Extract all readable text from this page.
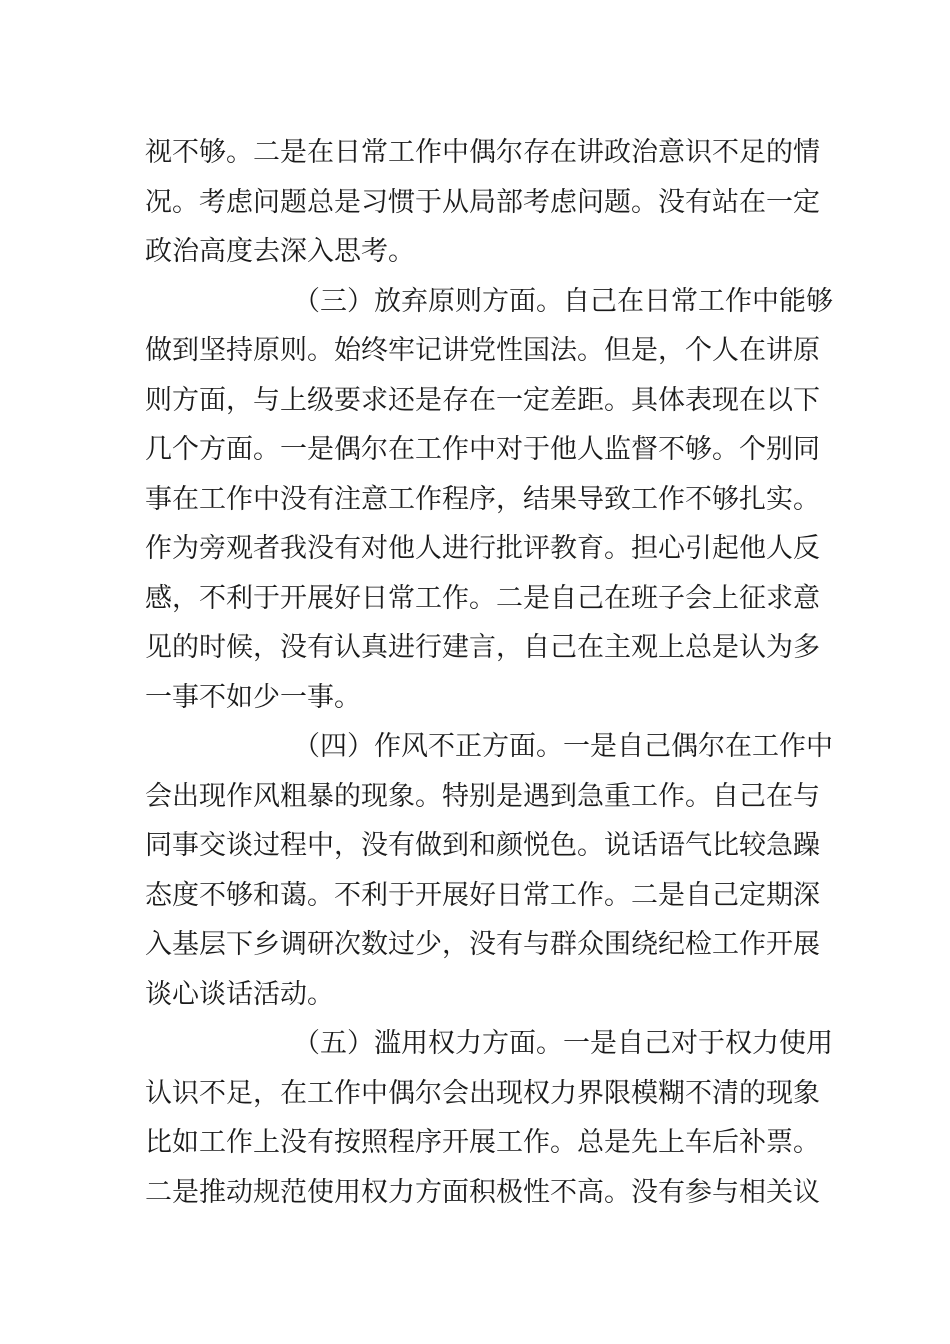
视不够。二是在日常工作中偶尔存在讲政治意识不足的情
况。考虑问题总是习惯于从局部考虑问题。没有站在一定
政治高度去深入思考。
（三）放弃原则方面。自己在日常工作中能够
做到坚持原则。始终牢记讲党性国法。但是，个人在讲原
则方面，与上级要求还是存在一定差距。具体表现在以下
几个方面。一是偶尔在工作中对于他人监督不够。个别同
事在工作中没有注意工作程序，结果导致工作不够扎实。
作为旁观者我没有对他人进行批评教育。担心引起他人反
感，不利于开展好日常工作。二是自己在班子会上征求意
见的时候，没有认真进行建言，自己在主观上总是认为多
一事不如少一事。
（四）作风不正方面。一是自己偶尔在工作中
会出现作风粗暴的现象。特别是遇到急重工作。自己在与
同事交谈过程中，没有做到和颜悦色。说话语气比较急躁
态度不够和蔼。不利于开展好日常工作。二是自己定期深
入基层下乡调研次数过少，没有与群众围绕纪检工作开展
谈心谈话活动。
（五）滥用权力方面。一是自己对于权力使用
认识不足，在工作中偶尔会出现权力界限模糊不清的现象
比如工作上没有按照程序开展工作。总是先上车后补票。
二是推动规范使用权力方面积极性不高。没有参与相关议
